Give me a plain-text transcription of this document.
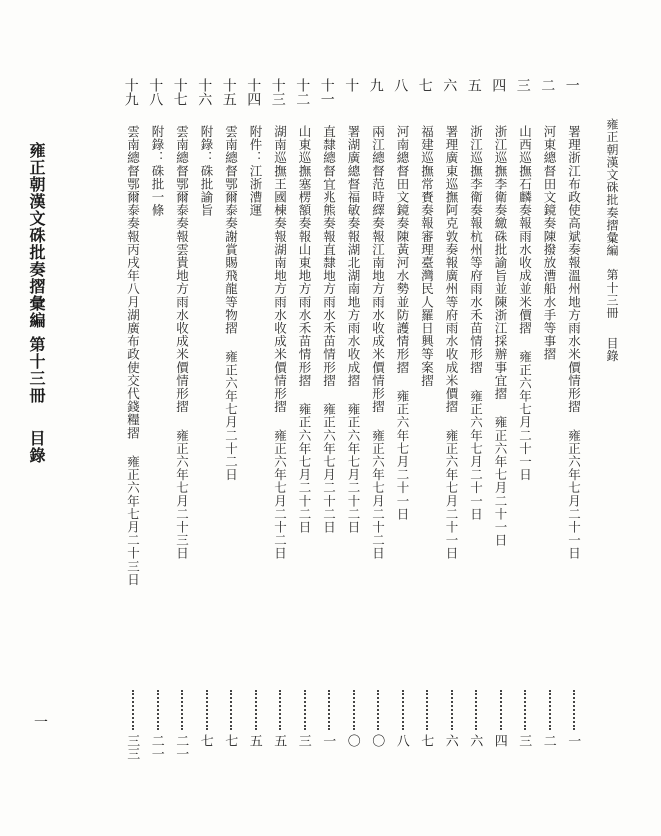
雍正朝漢文硃批奏摺彙編第十三冊目錄
一
二
三
四
五
六
七
八
九
十
十一
十二
十三
十四
十五
十六
十七
十八
十九
署理浙江布政使高斌奏報溫州地方雨水米價情形摺 雍正六年七月二十一日
河東總督田文鏡奏陳撥放漕船水手等事摺
山西巡撫石麟奏報雨水收成並米價摺 雍正六年七月二十一日
浙江巡撫李衛奏繳硃批諭旨並陳浙江採辦事宜摺 雍正六年七月二十一日
浙江巡撫李衛奏報杭州等府雨水禾苗情形摺 雍正六年七月二十一日
署理廣東巡撫阿克敦奏報廣州等府雨水收成米價摺 雍正六年七月二十一日
福建巡撫常賚奏報審理臺灣民人羅日興等案摺
河南總督田文鏡奏陳黃河水勢並防護情形摺 雍正六年七月二十一日
兩江總督范時繹奏報江南地方雨水收成米價情形摺 雍正六年七月二十二日
署湖廣總督福敏奏報湖北湖南地方雨水收成摺 雍正六年七月二十二日
直隸總督宜兆熊奏報直隸地方雨水禾苗情形摺 雍正六年七月二十二日
山東巡撫塞楞額奏報山東地方雨水禾苗情形摺 雍正六年七月二十二日
湖南巡撫王國棟奏報湖南地方雨水收成米價情形摺 雍正六年七月二十二日
附件：江浙漕運
雲南總督鄂爾泰奏謝賞賜飛龍等物摺 雍正六年七月二十二日
附錄：硃批諭旨
雲南總督鄂爾泰奏報雲貴地方雨水收成米價情形摺 雍正六年七月二十三日
附錄：硃批一條
雲南總督鄂爾泰奏報丙戌年八月湖廣布政使交代錢糧摺 雍正六年七月二十三日
一
二
三
四
六
六
七
八
〇
〇
一
三
五
五
七
七
二一
二一
三三
雍正朝漢文硃批奏摺彙編
第十三冊
目錄
一
